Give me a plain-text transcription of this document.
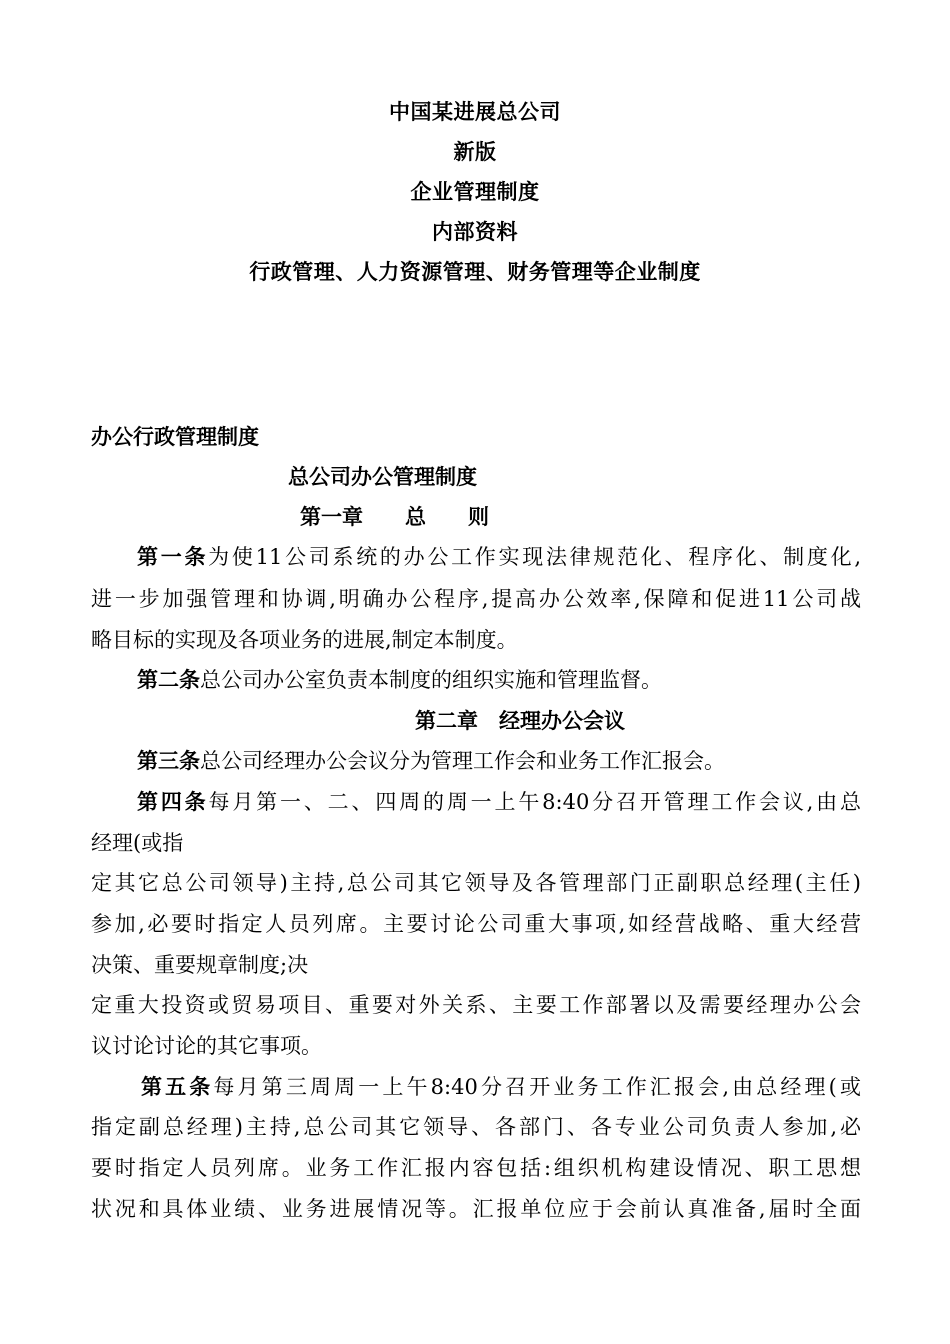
中国某进展总公司
新版
企业管理制度
内部资料
行政管理、人力资源管理、财务管理等企业制度
办公行政管理制度
总公司办公管理制度
第一章　　总　　则
第一条为使11公司系统的办公工作实现法律规范化、程序化、制度化,
进一步加强管理和协调,明确办公程序,提高办公效率,保障和促进11公司战
略目标的实现及各项业务的进展,制定本制度。
第二条总公司办公室负责本制度的组织实施和管理监督。
第二章　经理办公会议
第三条总公司经理办公会议分为管理工作会和业务工作汇报会。
第四条每月第一、二、四周的周一上午8:40分召开管理工作会议,由总
经理(或指
定其它总公司领导)主持,总公司其它领导及各管理部门正副职总经理(主任)
参加,必要时指定人员列席。主要讨论公司重大事项,如经营战略、重大经营
决策、重要规章制度;决
定重大投资或贸易项目、重要对外关系、主要工作部署以及需要经理办公会
议讨论讨论的其它事项。
第五条每月第三周周一上午8:40分召开业务工作汇报会,由总经理(或
指定副总经理)主持,总公司其它领导、各部门、各专业公司负责人参加,必
要时指定人员列席。业务工作汇报内容包括:组织机构建设情况、职工思想
状况和具体业绩、业务进展情况等。汇报单位应于会前认真准备,届时全面
